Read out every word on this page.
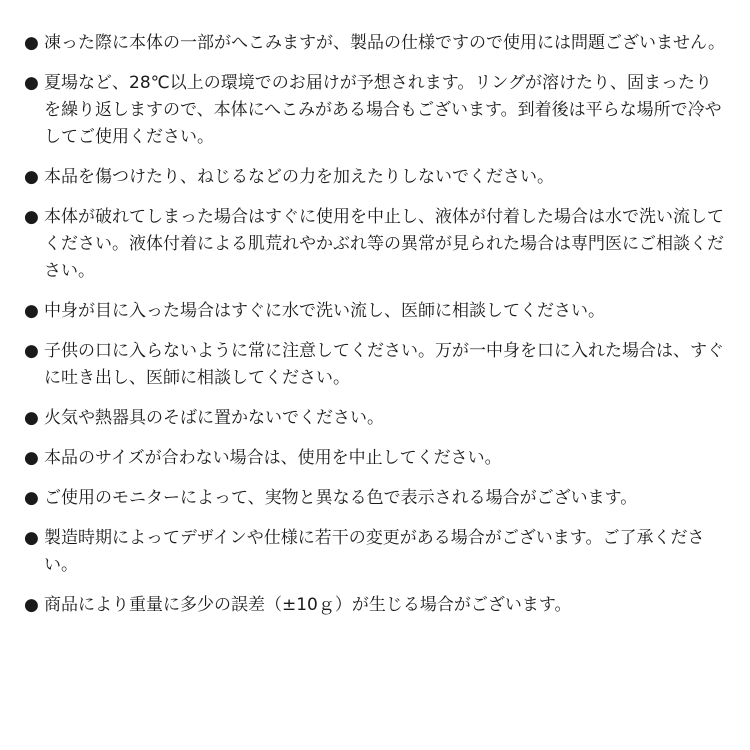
● 凍った際に本体の一部がへこみますが、製品の仕様ですので使用には問題ございません。
● 夏場など、28℃以上の環境でのお届けが予想されます。リングが溶けたり、固まったりを繰り返しますので、本体にへこみがある場合もございます。到着後は平らな場所で冷やしてご使用ください。
● 本品を傷つけたり、ねじるなどの力を加えたりしないでください。
● 本体が破れてしまった場合はすぐに使用を中止し、液体が付着した場合は水で洗い流してください。液体付着による肌荒れやかぶれ等の異常が見られた場合は専門医にご相談ください。
● 中身が目に入った場合はすぐに水で洗い流し、医師に相談してください。
● 子供の口に入らないように常に注意してください。万が一中身を口に入れた場合は、すぐに吐き出し、医師に相談してください。
● 火気や熱器具のそばに置かないでください。
● 本品のサイズが合わない場合は、使用を中止してください。
● ご使用のモニターによって、実物と異なる色で表示される場合がございます。
● 製造時期によってデザインや仕様に若干の変更がある場合がございます。ご了承ください。
● 商品により重量に多少の誤差（±10ｇ）が生じる場合がございます。
